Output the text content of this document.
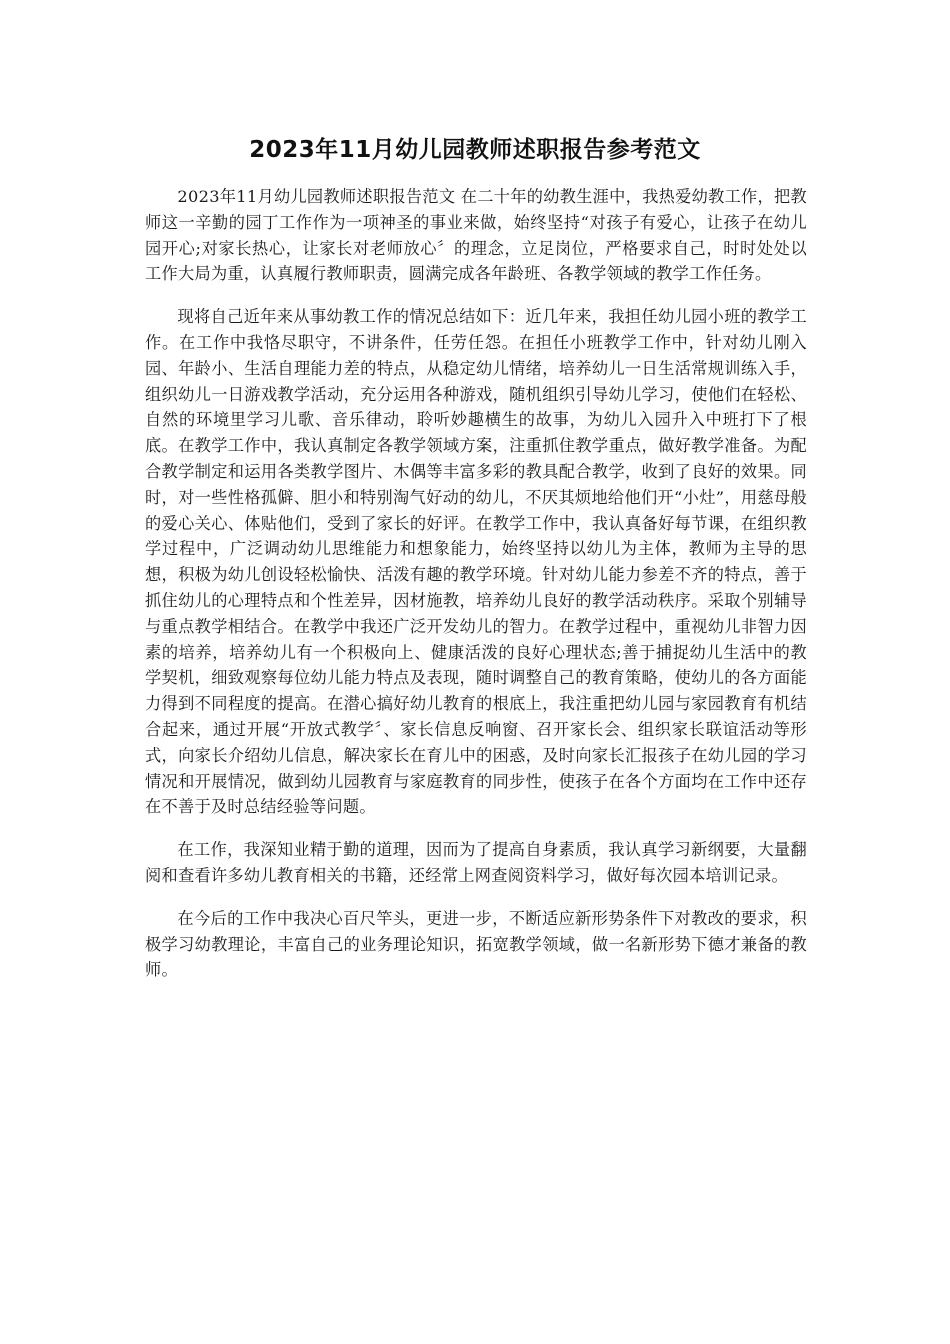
2023年11月幼儿园教师述职报告参考范文

2023年11月幼儿园教师述职报告范文 在二十年的幼教生涯中，我热爱幼教工作，把教师这一辛勤的园丁工作作为一项神圣的事业来做，始终坚持“对孩子有爱心，让孩子在幼儿园开心;对家长热心，让家长对老师放心〞的理念，立足岗位，严格要求自己，时时处处以工作大局为重，认真履行教师职责，圆满完成各年龄班、各教学领域的教学工作任务。

现将自己近年来从事幼教工作的情况总结如下：近几年来，我担任幼儿园小班的教学工作。在工作中我恪尽职守，不讲条件，任劳任怨。在担任小班教学工作中，针对幼儿刚入园、年龄小、生活自理能力差的特点，从稳定幼儿情绪，培养幼儿一日生活常规训练入手，组织幼儿一日游戏教学活动，充分运用各种游戏，随机组织引导幼儿学习，使他们在轻松、自然的环境里学习儿歌、音乐律动，聆听妙趣横生的故事，为幼儿入园升入中班打下了根底。在教学工作中，我认真制定各教学领域方案，注重抓住教学重点，做好教学准备。为配合教学制定和运用各类教学图片、木偶等丰富多彩的教具配合教学，收到了良好的效果。同时，对一些性格孤僻、胆小和特别淘气好动的幼儿，不厌其烦地给他们开“小灶”，用慈母般的爱心关心、体贴他们，受到了家长的好评。在教学工作中，我认真备好每节课，在组织教学过程中，广泛调动幼儿思维能力和想象能力，始终坚持以幼儿为主体，教师为主导的思想，积极为幼儿创设轻松愉快、活泼有趣的教学环境。针对幼儿能力参差不齐的特点，善于抓住幼儿的心理特点和个性差异，因材施教，培养幼儿良好的教学活动秩序。采取个别辅导与重点教学相结合。在教学中我还广泛开发幼儿的智力。在教学过程中，重视幼儿非智力因素的培养，培养幼儿有一个积极向上、健康活泼的良好心理状态;善于捕捉幼儿生活中的教学契机，细致观察每位幼儿能力特点及表现，随时调整自己的教育策略，使幼儿的各方面能力得到不同程度的提高。在潜心搞好幼儿教育的根底上，我注重把幼儿园与家园教育有机结合起来，通过开展“开放式教学〞、家长信息反响窗、召开家长会、组织家长联谊活动等形式，向家长介绍幼儿信息，解决家长在育儿中的困惑，及时向家长汇报孩子在幼儿园的学习情况和开展情况，做到幼儿园教育与家庭教育的同步性，使孩子在各个方面均在工作中还存在不善于及时总结经验等问题。

在工作，我深知业精于勤的道理，因而为了提高自身素质，我认真学习新纲要，大量翻阅和查看许多幼儿教育相关的书籍，还经常上网查阅资料学习，做好每次园本培训记录。

在今后的工作中我决心百尺竿头，更进一步，不断适应新形势条件下对教改的要求，积极学习幼教理论，丰富自己的业务理论知识，拓宽教学领域，做一名新形势下德才兼备的教师。
